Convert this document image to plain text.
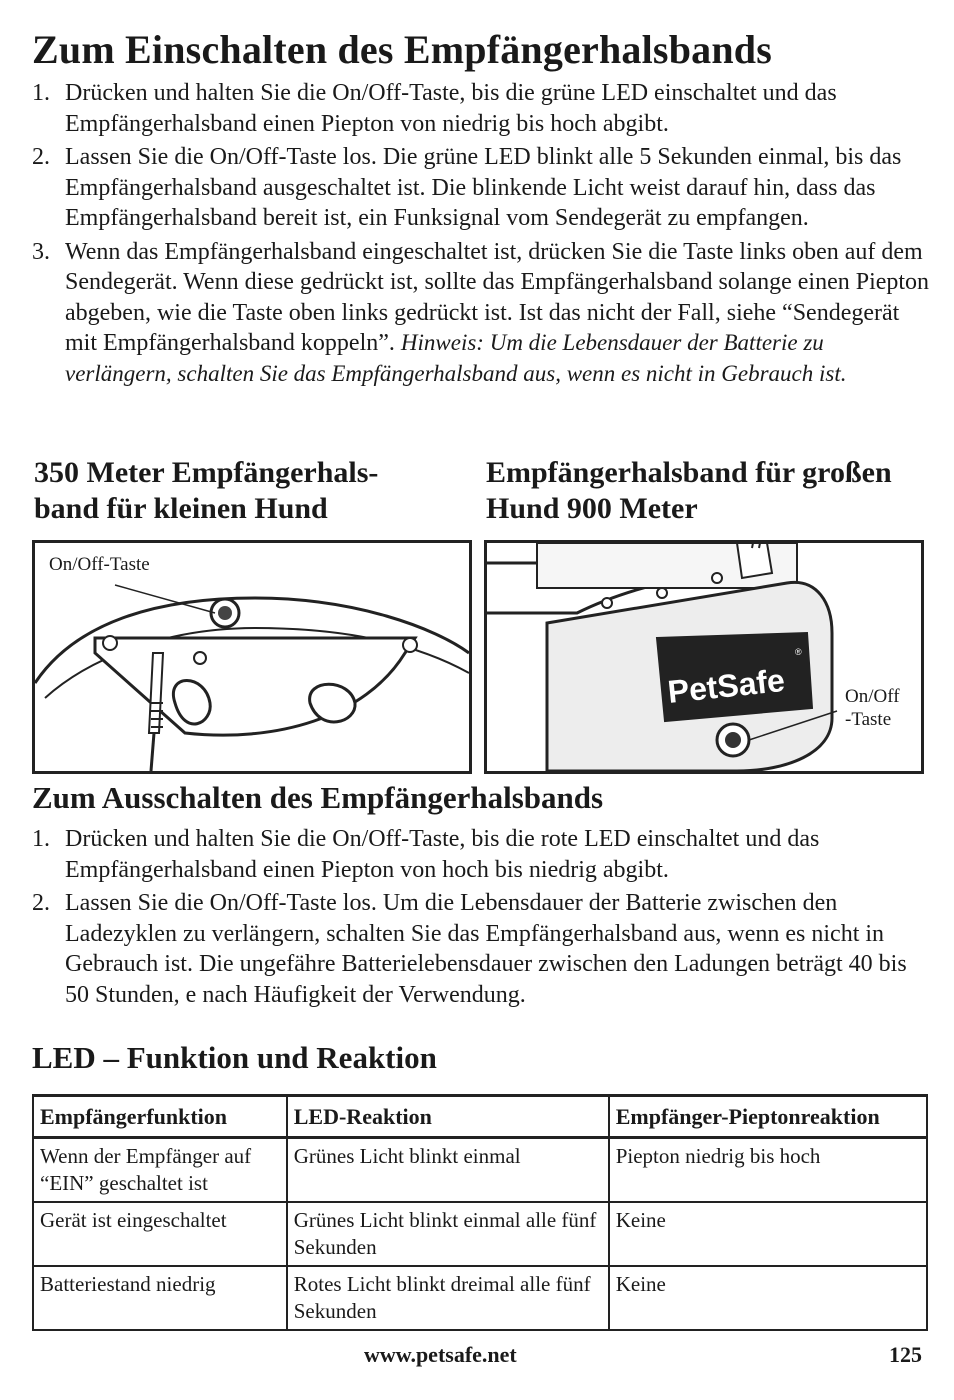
Zum Einschalten des Empfängerhalsbands
1. Drücken und halten Sie die On/Off-Taste, bis die grüne LED einschaltet und das Empfängerhalsband einen Piepton von niedrig bis hoch abgibt.
2. Lassen Sie die On/Off-Taste los. Die grüne LED blinkt alle 5 Sekunden einmal, bis das Empfängerhalsband ausgeschaltet ist. Die blinkende Licht weist darauf hin, dass das Empfängerhalsband bereit ist, ein Funksignal vom Sendegerät zu empfangen.
3. Wenn das Empfängerhalsband eingeschaltet ist, drücken Sie die Taste links oben auf dem Sendegerät. Wenn diese gedrückt ist, sollte das Empfängerhalsband solange einen Piepton abgeben, wie die Taste oben links gedrückt ist. Ist das nicht der Fall, siehe “Sendegerät mit Empfängerhalsband koppeln”. Hinweis: Um die Lebensdauer der Batterie zu verlängern, schalten Sie das Empfängerhalsband aus, wenn es nicht in Gebrauch ist.
350 Meter Empfängerhals-
band für kleinen Hund
Empfängerhalsband für großen
Hund 900 Meter
On/Off-Taste
PetSafe
®
On/Off
-Taste
Zum Ausschalten des Empfängerhalsbands
1. Drücken und halten Sie die On/Off-Taste, bis die rote LED einschaltet und das Empfängerhalsband einen Piepton von hoch bis niedrig abgibt.
2. Lassen Sie die On/Off-Taste los. Um die Lebensdauer der Batterie zwischen den Ladezyklen zu verlängern, schalten Sie das Empfängerhalsband aus, wenn es nicht in Gebrauch ist. Die ungefähre Batterielebensdauer zwischen den Ladungen beträgt 40 bis 50 Stunden, e nach Häufigkeit der Verwendung.
LED – Funktion und Reaktion
Empfängerfunktion	LED-Reaktion	Empfänger-Pieptonreaktion
Wenn der Empfänger auf “EIN” geschaltet ist	Grünes Licht blinkt einmal	Piepton niedrig bis hoch
Gerät ist eingeschaltet	Grünes Licht blinkt einmal alle fünf Sekunden	Keine
Batteriestand niedrig	Rotes Licht blinkt dreimal alle fünf Sekunden	Keine
www.petsafe.net	125
